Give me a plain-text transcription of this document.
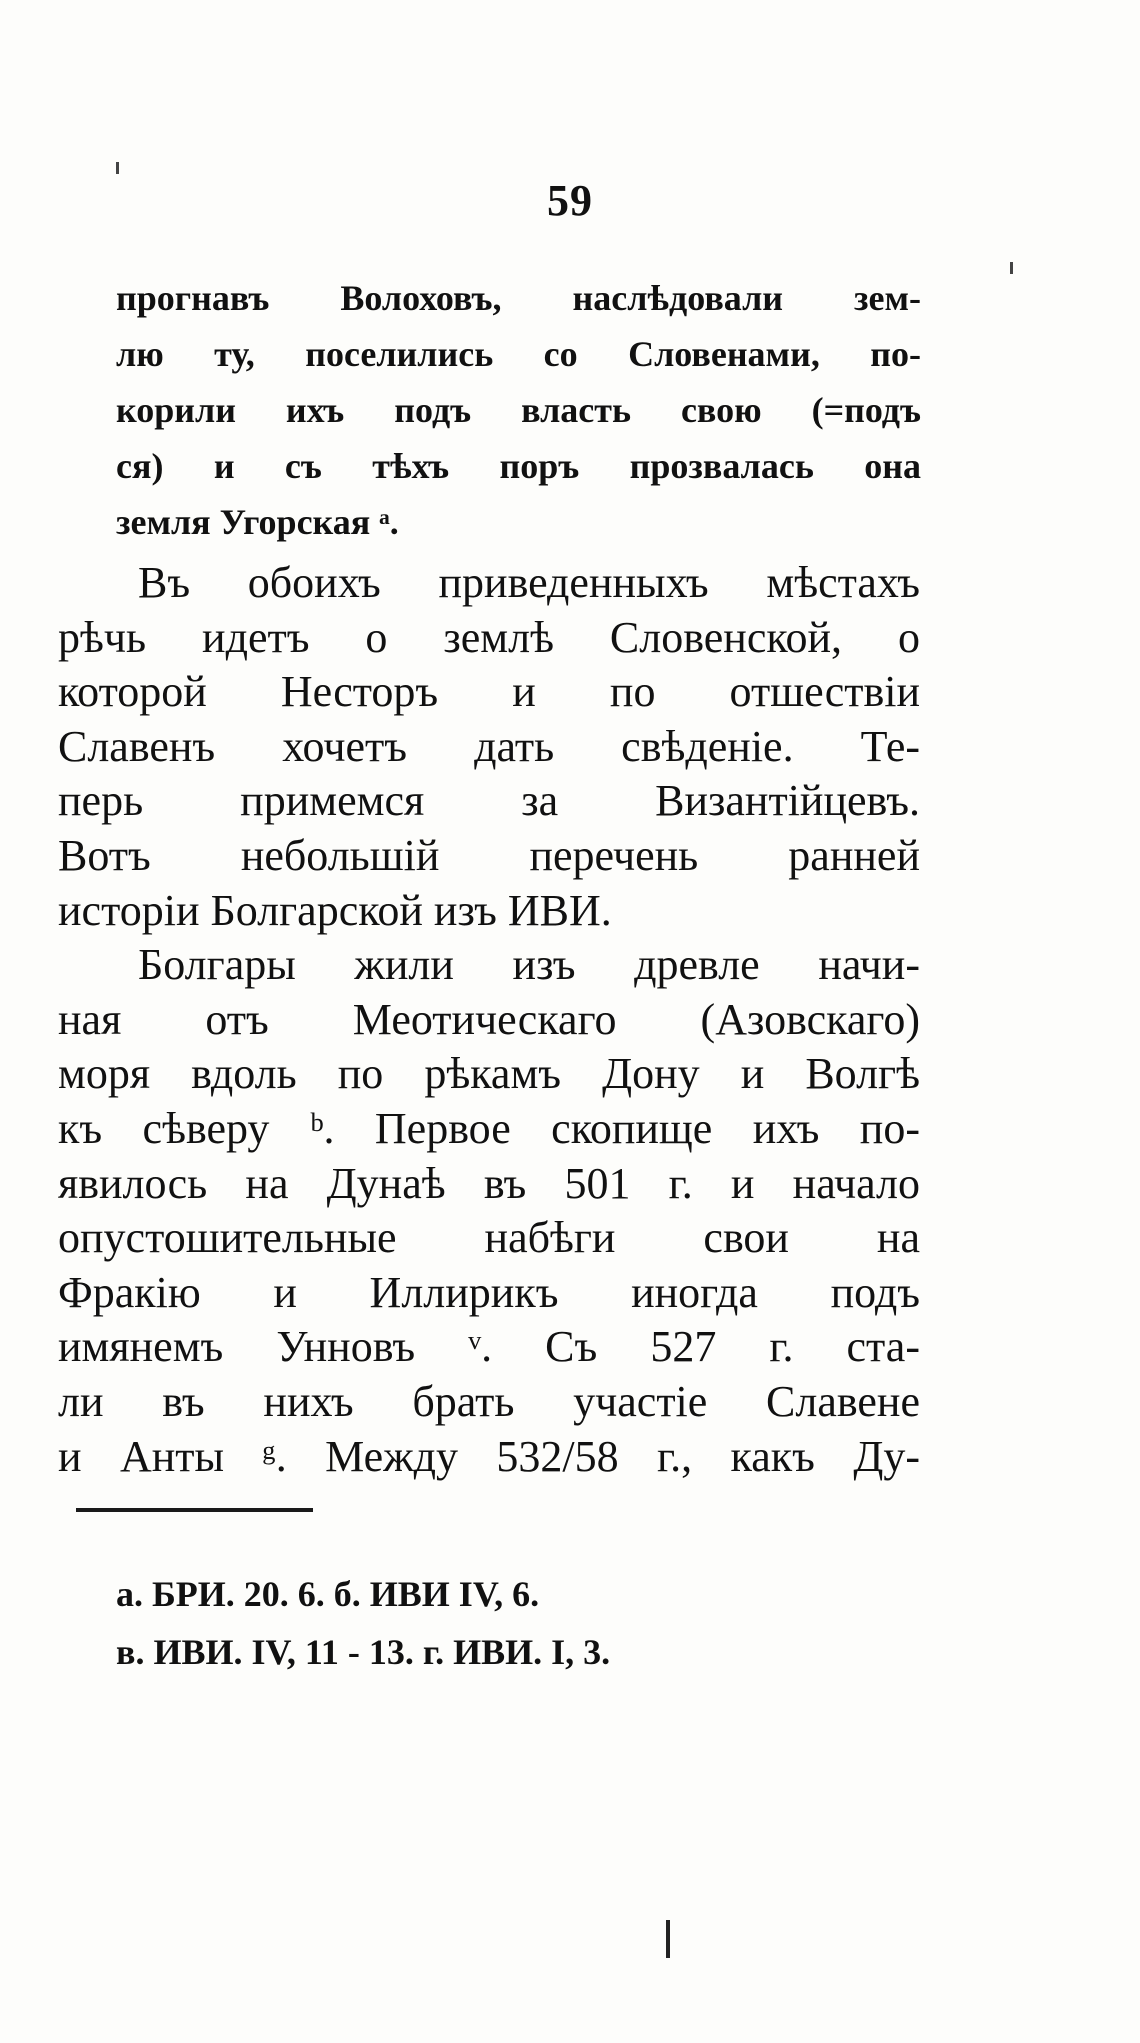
59
прогнавъ Волоховъ, наслѣдовали зем-
лю ту, поселились со Словенами, по-
корили ихъ подъ власть свою (=подъ
ся) и съ тѣхъ поръ прозвалась она
земля Угорская ᵃ.
Въ обоихъ приведенныхъ мѣстахъ
рѣчь идетъ о землѣ Словенской, о
которой Несторъ и по отшествіи
Славенъ хочетъ дать свѣденіе. Те-
перь примемся за Византійцевъ.
Вотъ небольшій перечень ранней
исторіи Болгарской изъ ИВИ.
Болгары жили изъ древле начи-
ная отъ Меотическаго (Азовскаго)
моря вдоль по рѣкамъ Дону и Волгѣ
къ сѣверу ᵇ. Первое скопище ихъ по-
явилось на Дунаѣ въ 501 г. и начало
опустошительные набѣги свои на
Фракію и Иллирикъ иногда подъ
имянемъ Унновъ ᵛ. Съ 527 г. ста-
ли въ нихъ брать участіе Славене
и Анты ᵍ. Между 532/58 г., какъ Ду-
а. БРИ. 20. 6. б. ИВИ IV, 6.
в. ИВИ. IV, 11 - 13. г. ИВИ. I, 3.
